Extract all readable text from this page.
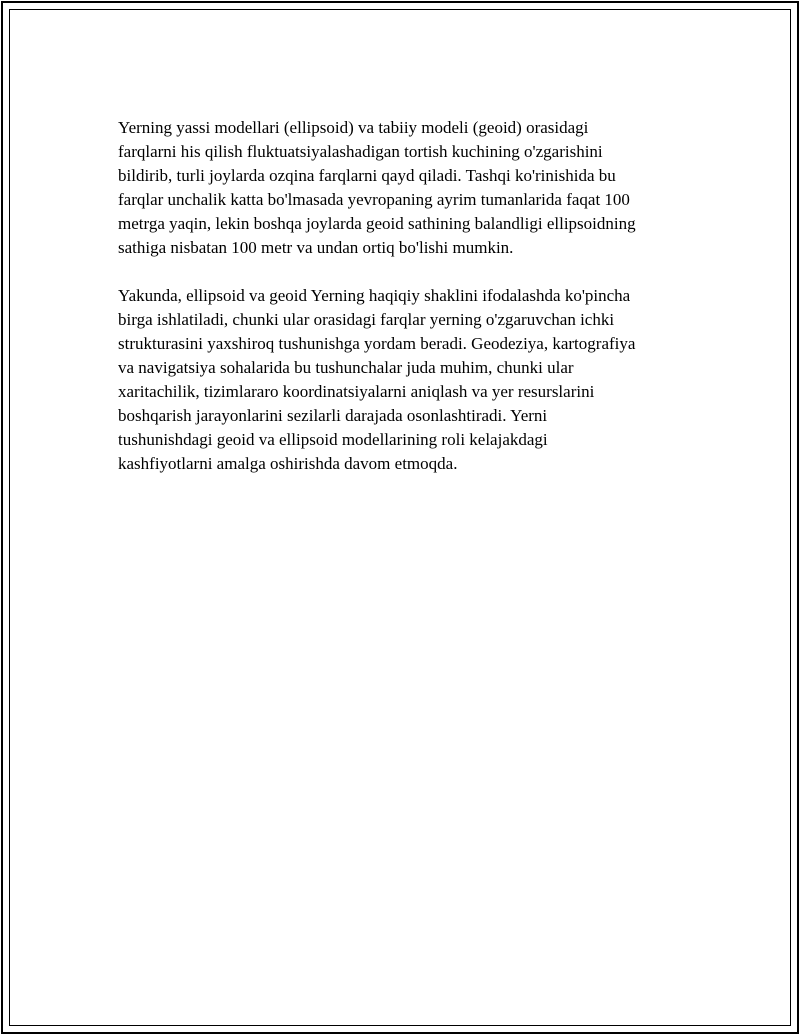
Yerning yassi modellari (ellipsoid) va tabiiy modeli (geoid) orasidagi
farqlarni his qilish fluktuatsiyalashadigan tortish kuchining o'zgarishini
bildirib, turli joylarda ozqina farqlarni qayd qiladi. Tashqi ko'rinishida bu
farqlar unchalik katta bo'lmasada yevropaning ayrim tumanlarida faqat 100
metrga yaqin, lekin boshqa joylarda geoid sathining balandligi ellipsoidning
sathiga nisbatan 100 metr va undan ortiq bo'lishi mumkin.

Yakunda, ellipsoid va geoid Yerning haqiqiy shaklini ifodalashda ko'pincha
birga ishlatiladi, chunki ular orasidagi farqlar yerning o'zgaruvchan ichki
strukturasini yaxshiroq tushunishga yordam beradi. Geodeziya, kartografiya
va navigatsiya sohalarida bu tushunchalar juda muhim, chunki ular
xaritachilik, tizimlararo koordinatsiyalarni aniqlash va yer resurslarini
boshqarish jarayonlarini sezilarli darajada osonlashtiradi. Yerni
tushunishdagi geoid va ellipsoid modellarining roli kelajakdagi
kashfiyotlarni amalga oshirishda davom etmoqda.
